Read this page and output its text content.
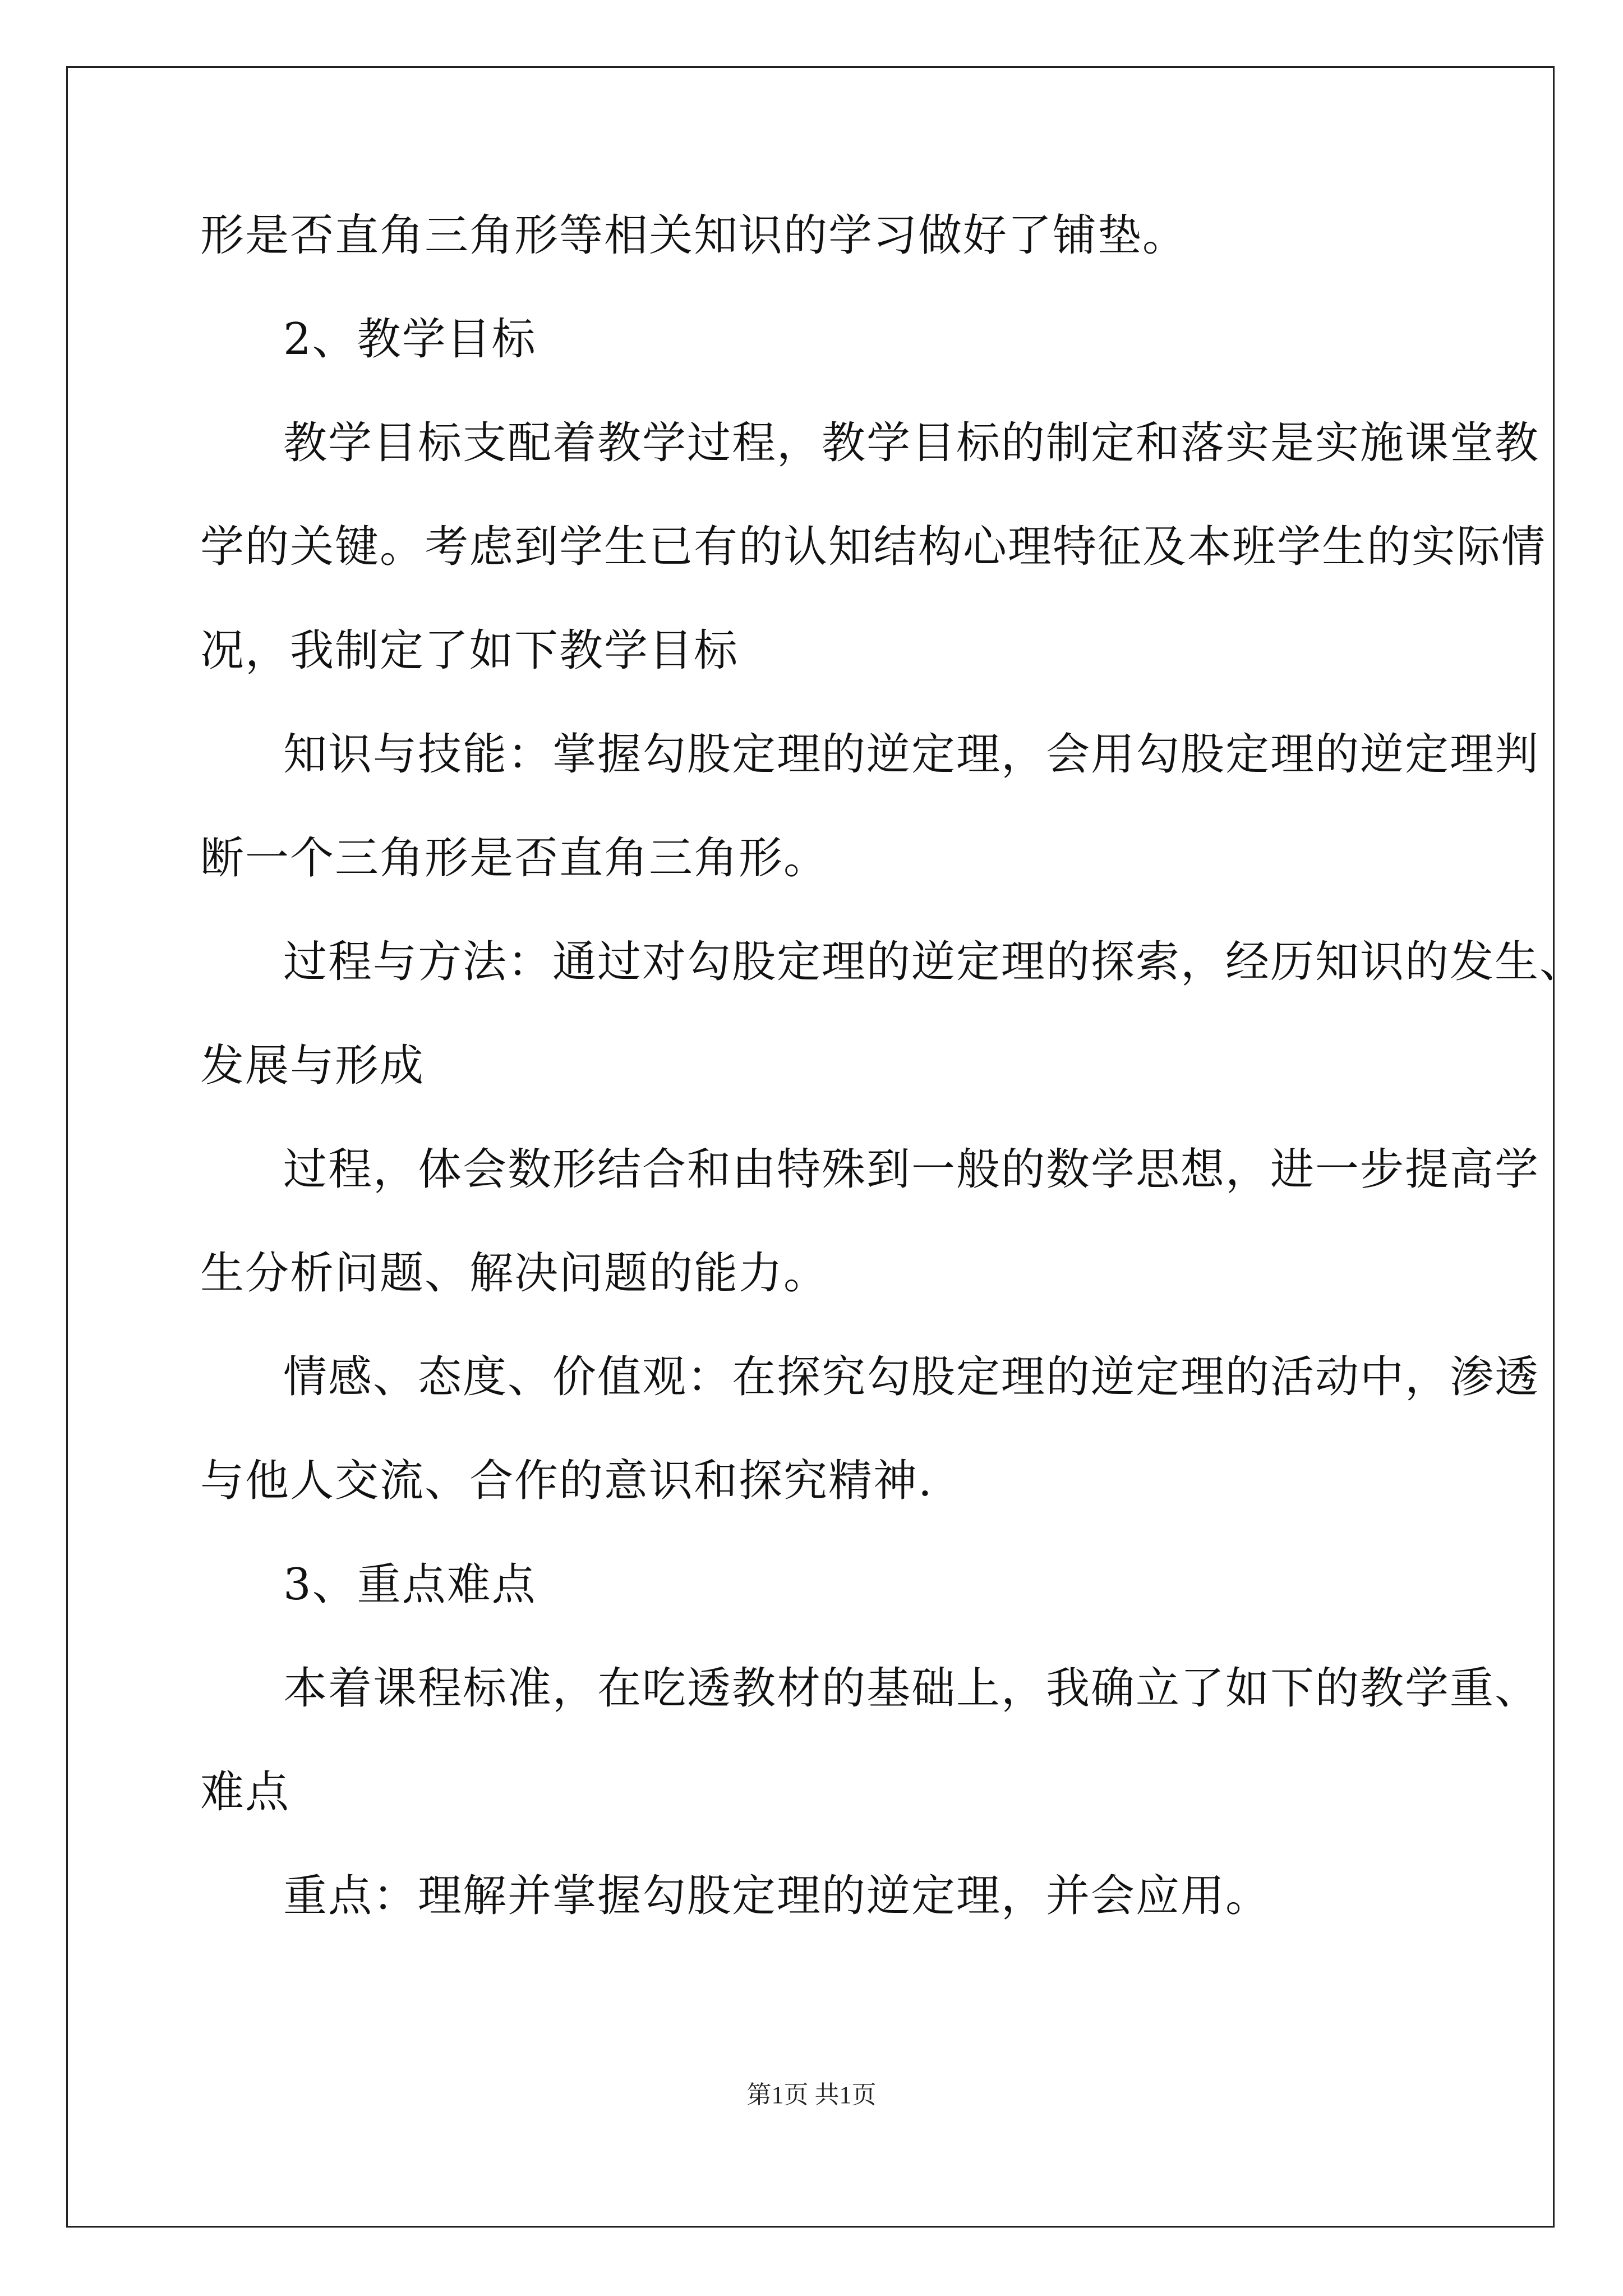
形是否直角三角形等相关知识的学习做好了铺垫。
2、教学目标
教学目标支配着教学过程，教学目标的制定和落实是实施课堂教
学的关键。考虑到学生已有的认知结构心理特征及本班学生的实际情
况，我制定了如下教学目标
知识与技能：掌握勾股定理的逆定理，会用勾股定理的逆定理判
断一个三角形是否直角三角形。
过程与方法：通过对勾股定理的逆定理的探索，经历知识的发生、
发展与形成
过程，体会数形结合和由特殊到一般的数学思想，进一步提高学
生分析问题、解决问题的能力。
情感、态度、价值观：在探究勾股定理的逆定理的活动中，渗透
与他人交流、合作的意识和探究精神.
3、重点难点
本着课程标准，在吃透教材的基础上，我确立了如下的教学重、
难点
重点：理解并掌握勾股定理的逆定理，并会应用。
第1页 共1页
